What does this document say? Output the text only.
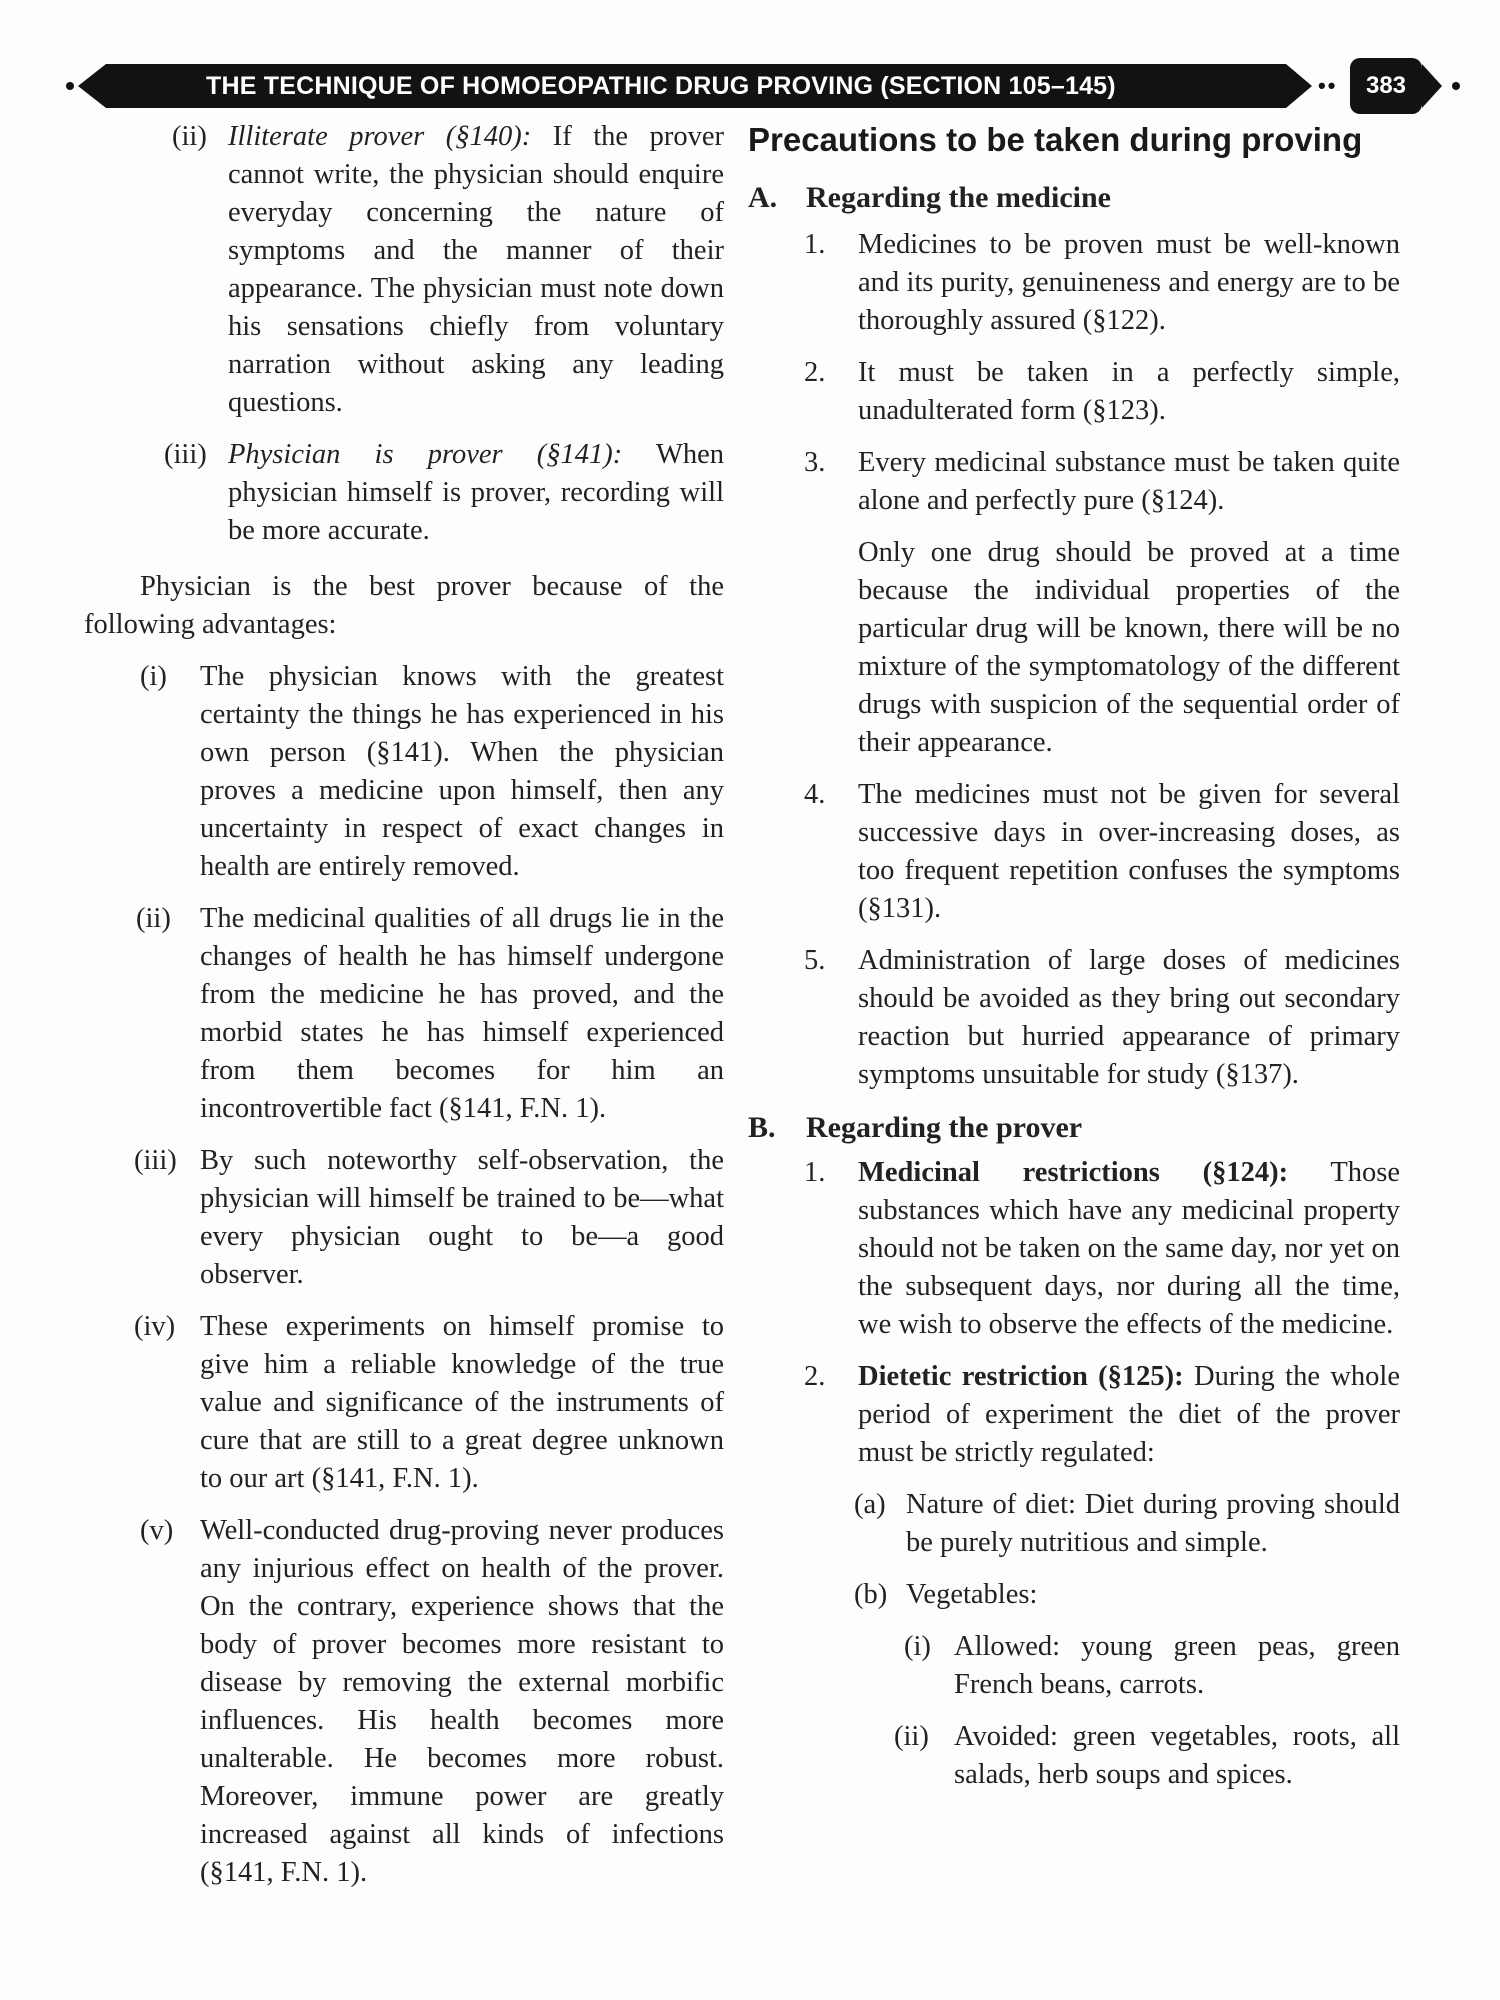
THE TECHNIQUE OF HOMOEOPATHIC DRUG PROVING (SECTION 105–145)	••	383
(ii) Illiterate prover (§140): If the prover cannot write, the physician should enquire everyday concerning the nature of symptoms and the manner of their appearance. The physician must note down his sensations chiefly from voluntary narration without asking any leading questions.
(iii) Physician is prover (§141): When physician himself is prover, recording will be more accurate.
Physician is the best prover because of the following advantages:
(i)	The physician knows with the greatest certainty the things he has experienced in his own person (§141). When the physician proves a medicine upon himself, then any uncertainty in respect of exact changes in health are entirely removed.
(ii)	The medicinal qualities of all drugs lie in the changes of health he has himself undergone from the medicine he has proved, and the morbid states he has himself experienced from them becomes for him an incontrovertible fact (§141, F.N. 1).
(iii) By such noteworthy self-observation, the physician will himself be trained to be—what every physician ought to be—a good observer.
(iv) These experiments on himself promise to give him a reliable knowledge of the true value and significance of the instruments of cure that are still to a great degree unknown to our art (§141, F.N. 1).
(v) Well-conducted drug-proving never produces any injurious effect on health of the prover. On the contrary, experience shows that the body of prover becomes more resistant to disease by removing the external morbific influences. His health becomes more unalterable. He becomes more robust. Moreover, immune power are greatly increased against all kinds of infections (§141, F.N. 1).
Precautions to be taken during proving
A. Regarding the medicine
1.	Medicines to be proven must be well-known and its purity, genuineness and energy are to be thoroughly assured (§122).
2.	It must be taken in a perfectly simple, unadulterated form (§123).
3.	Every medicinal substance must be taken quite alone and perfectly pure (§124).
Only one drug should be proved at a time because the individual properties of the particular drug will be known, there will be no mixture of the symptomatology of the different drugs with suspicion of the sequential order of their appearance.
4.	The medicines must not be given for several successive days in over-increasing doses, as too frequent repetition confuses the symptoms (§131).
5.	Administration of large doses of medicines should be avoided as they bring out secondary reaction but hurried appearance of primary symptoms unsuitable for study (§137).
B.	Regarding the prover
1.	Medicinal restrictions (§124): Those substances which have any medicinal property should not be taken on the same day, nor yet on the subsequent days, nor during all the time, we wish to observe the effects of the medicine.
2.	Dietetic restriction (§125): During the whole period of experiment the diet of the prover must be strictly regulated:
(a) Nature of diet: Diet during proving should be purely nutritious and simple.
(b) Vegetables:
(i) Allowed: young green peas, green French beans, carrots.
(ii) Avoided: green vegetables, roots, all salads, herb soups and spices.
